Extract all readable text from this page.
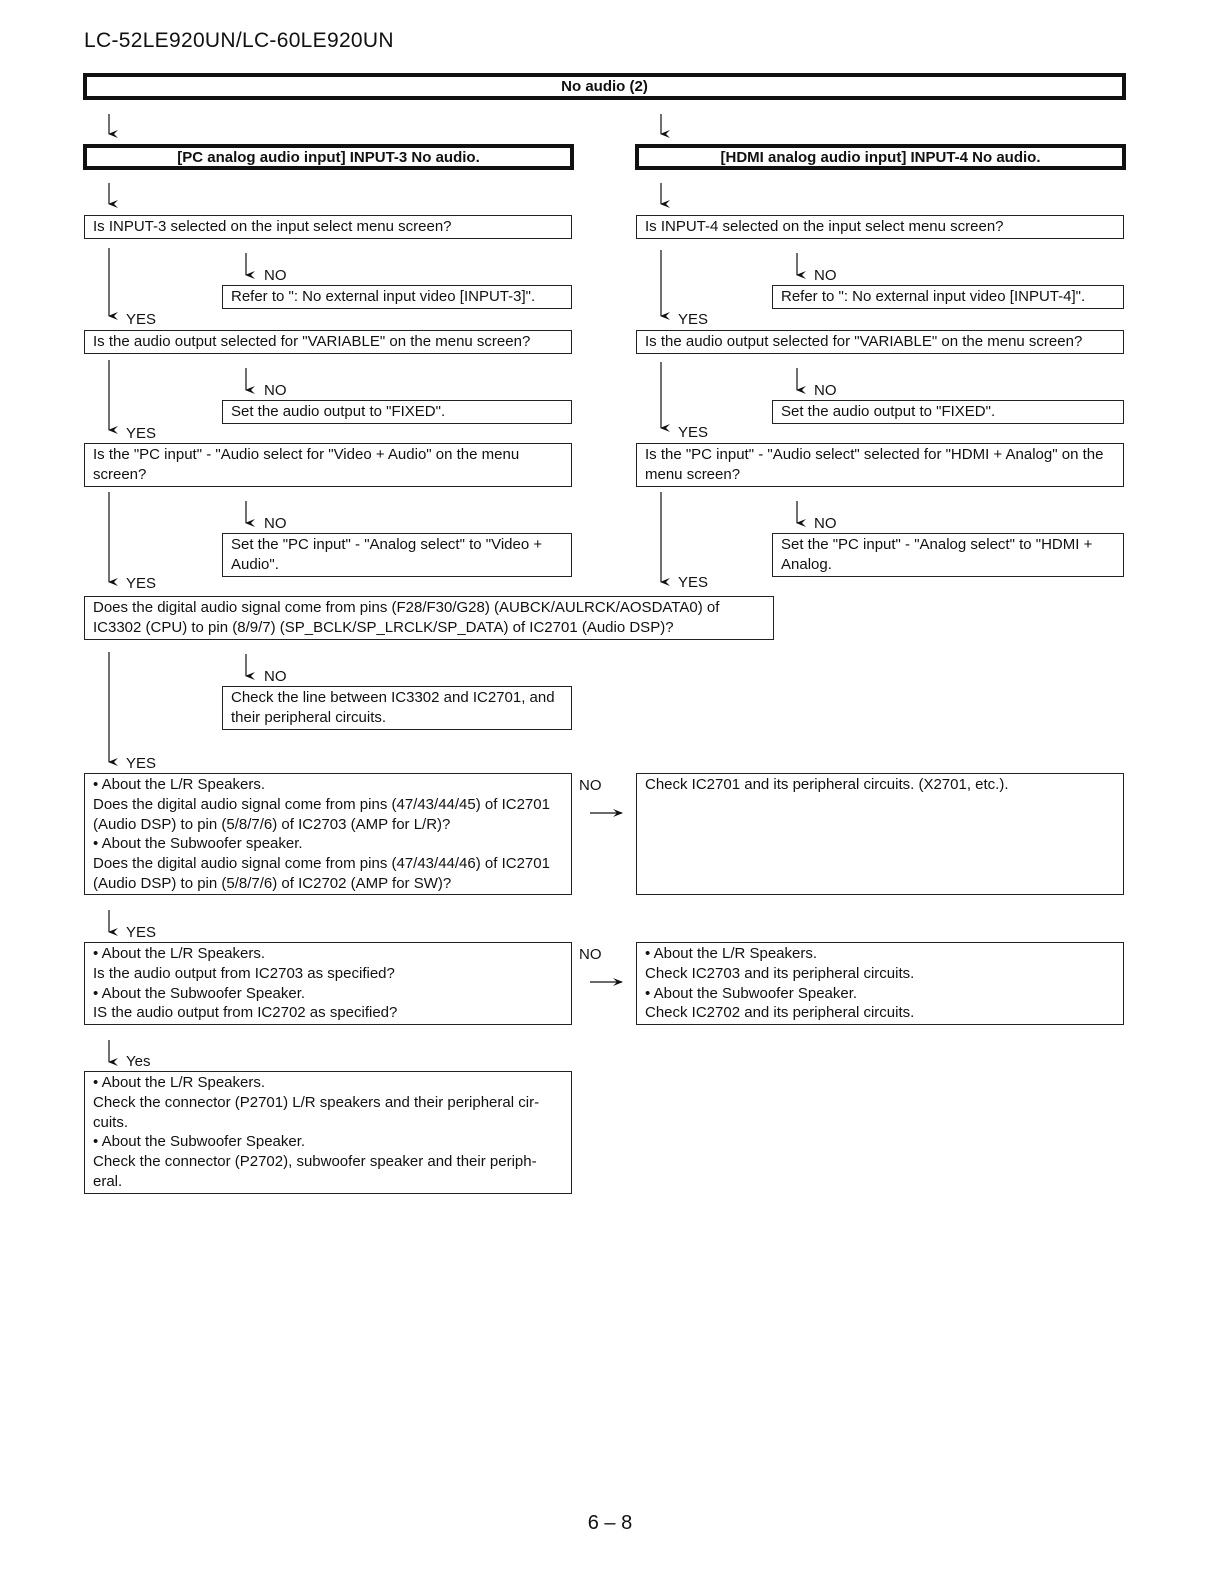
LC-52LE920UN/LC-60LE920UN
No audio (2)
[PC analog audio input] INPUT-3 No audio.	[HDMI analog audio input] INPUT-4 No audio.
Is INPUT-3 selected on the input select menu screen?
NO
Refer to ": No external input video [INPUT-3]".
YES
Is the audio output selected for "VARIABLE" on the menu screen?
NO
Set the audio output to "FIXED".
YES
Is the "PC input" - "Audio select for "Video + Audio" on the menu screen?
NO
Set the "PC input" - "Analog select" to "Video + Audio".
YES
Is INPUT-4 selected on the input select menu screen?
NO
Refer to ": No external input video [INPUT-4]".
YES
Is the audio output selected for "VARIABLE" on the menu screen?
NO
Set the audio output to "FIXED".
YES
Is the "PC input" - "Audio select" selected for "HDMI + Analog" on the menu screen?
NO
Set the "PC input" - "Analog select" to "HDMI + Analog.
YES
Does the digital audio signal come from pins (F28/F30/G28) (AUBCK/AULRCK/AOSDATA0) of IC3302 (CPU) to pin (8/9/7) (SP_BCLK/SP_LRCLK/SP_DATA) of IC2701 (Audio DSP)?
NO
Check the line between IC3302 and IC2701, and their peripheral circuits.
YES
• About the L/R Speakers.
Does the digital audio signal come from pins (47/43/44/45) of IC2701 (Audio DSP) to pin (5/8/7/6) of IC2703 (AMP for L/R)?
• About the Subwoofer speaker.
Does the digital audio signal come from pins (47/43/44/46) of IC2701 (Audio DSP) to pin (5/8/7/6) of IC2702 (AMP for SW)?
NO	Check IC2701 and its peripheral circuits. (X2701, etc.).
YES
• About the L/R Speakers.
Is the audio output from IC2703 as specified?
• About the Subwoofer Speaker.
IS the audio output from IC2702 as specified?
NO	• About the L/R Speakers.
Check IC2703 and its peripheral circuits.
• About the Subwoofer Speaker.
Check IC2702 and its peripheral circuits.
Yes
• About the L/R Speakers.
Check the connector (P2701) L/R speakers and their peripheral cir-cuits.
• About the Subwoofer Speaker.
Check the connector (P2702), subwoofer speaker and their periph-eral.
6 – 8
